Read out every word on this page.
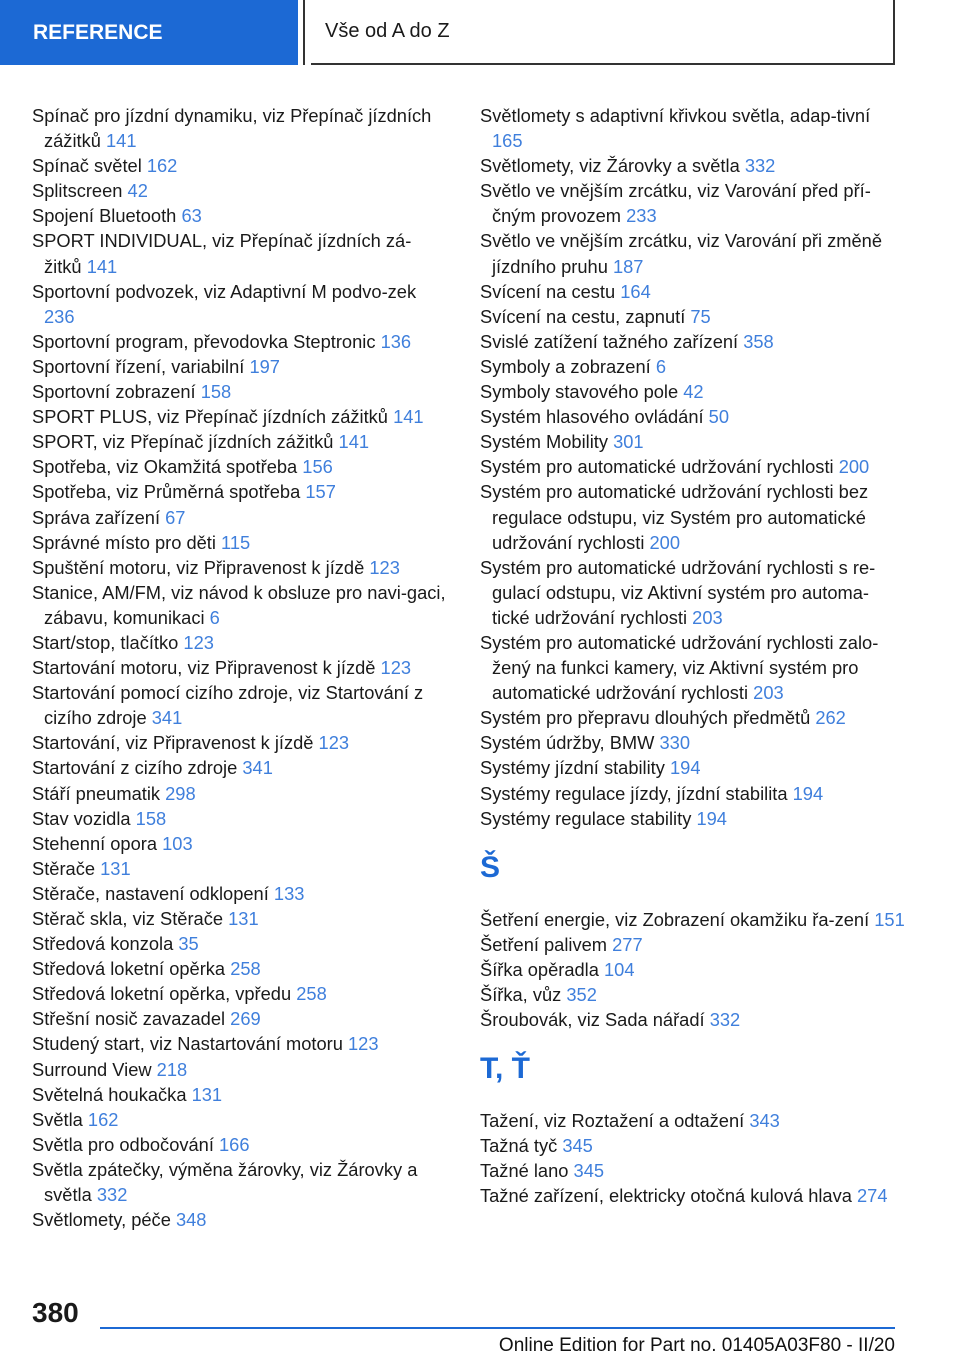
REFERENCE	Vše od A do Z
Spínač pro jízdní dynamiku, viz Přepínač jízdních zážitků 141
Spínač světel 162
Splitscreen 42
Spojení Bluetooth 63
SPORT INDIVIDUAL, viz Přepínač jízdních zá‐žitků 141
Sportovní podvozek, viz Adaptivní M podvo‐zek 236
Sportovní program, převodovka Steptronic 136
Sportovní řízení, variabilní 197
Sportovní zobrazení 158
SPORT PLUS, viz Přepínač jízdních zážitků 141
SPORT, viz Přepínač jízdních zážitků 141
Spotřeba, viz Okamžitá spotřeba 156
Spotřeba, viz Průměrná spotřeba 157
Správa zařízení 67
Správné místo pro děti 115
Spuštění motoru, viz Připravenost k jízdě 123
Stanice, AM/FM, viz návod k obsluze pro navi‐gaci, zábavu, komunikaci 6
Start/stop, tlačítko 123
Startování motoru, viz Připravenost k jízdě 123
Startování pomocí cizího zdroje, viz Startování z cizího zdroje 341
Startování, viz Připravenost k jízdě 123
Startování z cizího zdroje 341
Stáří pneumatik 298
Stav vozidla 158
Stehenní opora 103
Stěrače 131
Stěrače, nastavení odklopení 133
Stěrač skla, viz Stěrače 131
Středová konzola 35
Středová loketní opěrka 258
Středová loketní opěrka, vpředu 258
Střešní nosič zavazadel 269
Studený start, viz Nastartování motoru 123
Surround View 218
Světelná houkačka 131
Světla 162
Světla pro odbočování 166
Světla zpátečky, výměna žárovky, viz Žárovky a světla 332
Světlomety, péče 348
Světlomety s adaptivní křivkou světla, adap‐tivní 165
Světlomety, viz Žárovky a světla 332
Světlo ve vnějším zrcátku, viz Varování před pří‐čným provozem 233
Světlo ve vnějším zrcátku, viz Varování při změně jízdního pruhu 187
Svícení na cestu 164
Svícení na cestu, zapnutí 75
Svislé zatížení tažného zařízení 358
Symboly a zobrazení 6
Symboly stavového pole 42
Systém hlasového ovládání 50
Systém Mobility 301
Systém pro automatické udržování rychlosti 200
Systém pro automatické udržování rychlosti bez regulace odstupu, viz Systém pro automatické udržování rychlosti 200
Systém pro automatické udržování rychlosti s re‐gulací odstupu, viz Aktivní systém pro automa‐tické udržování rychlosti 203
Systém pro automatické udržování rychlosti zalo‐žený na funkci kamery, viz Aktivní systém pro automatické udržování rychlosti 203
Systém pro přepravu dlouhých předmětů 262
Systém údržby, BMW 330
Systémy jízdní stability 194
Systémy regulace jízdy, jízdní stabilita 194
Systémy regulace stability 194
Š
Šetření energie, viz Zobrazení okamžiku řa‐zení 151
Šetření palivem 277
Šířka opěradla 104
Šířka, vůz 352
Šroubovák, viz Sada nářadí 332
T, Ť
Tažení, viz Roztažení a odtažení 343
Tažná tyč 345
Tažné lano 345
Tažné zařízení, elektricky otočná kulová hlava 274
380
Online Edition for Part no. 01405A03F80 - II/20
